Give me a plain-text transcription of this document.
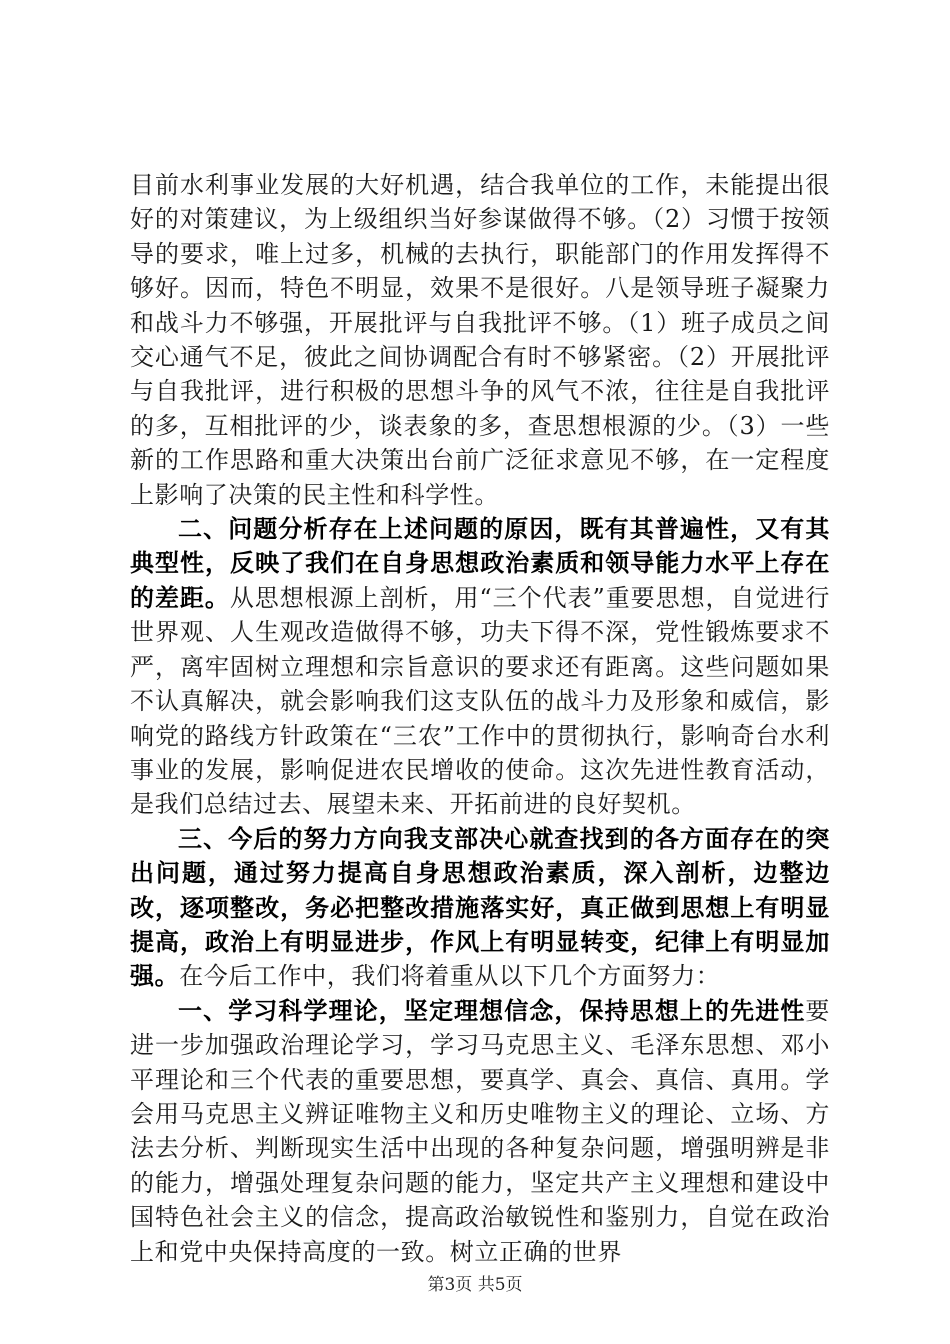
目前水利事业发展的大好机遇，结合我单位的工作，未能提出很好的对策建议，为上级组织当好参谋做得不够。（2）习惯于按领导的要求，唯上过多，机械的去执行，职能部门的作用发挥得不够好。因而，特色不明显，效果不是很好。八是领导班子凝聚力和战斗力不够强，开展批评与自我批评不够。（1）班子成员之间交心通气不足，彼此之间协调配合有时不够紧密。（2）开展批评与自我批评，进行积极的思想斗争的风气不浓，往往是自我批评的多，互相批评的少，谈表象的多，查思想根源的少。（3）一些新的工作思路和重大决策出台前广泛征求意见不够，在一定程度上影响了决策的民主性和科学性。

二、问题分析存在上述问题的原因，既有其普遍性，又有其典型性，反映了我们在自身思想政治素质和领导能力水平上存在的差距。从思想根源上剖析，用“三个代表”重要思想，自觉进行世界观、人生观改造做得不够，功夫下得不深，党性锻炼要求不严，离牢固树立理想和宗旨意识的要求还有距离。这些问题如果不认真解决，就会影响我们这支队伍的战斗力及形象和威信，影响党的路线方针政策在“三农”工作中的贯彻执行，影响奇台水利事业的发展，影响促进农民增收的使命。这次先进性教育活动，是我们总结过去、展望未来、开拓前进的良好契机。

三、今后的努力方向我支部决心就查找到的各方面存在的突出问题，通过努力提高自身思想政治素质，深入剖析，边整边改，逐项整改，务必把整改措施落实好，真正做到思想上有明显提高，政治上有明显进步，作风上有明显转变，纪律上有明显加强。在今后工作中，我们将着重从以下几个方面努力：

一、学习科学理论，坚定理想信念，保持思想上的先进性要进一步加强政治理论学习，学习马克思主义、毛泽东思想、邓小平理论和三个代表的重要思想，要真学、真会、真信、真用。学会用马克思主义辨证唯物主义和历史唯物主义的理论、立场、方法去分析、判断现实生活中出现的各种复杂问题，增强明辨是非的能力，增强处理复杂问题的能力，坚定共产主义理想和建设中国特色社会主义的信念，提高政治敏锐性和鉴别力，自觉在政治上和党中央保持高度的一致。树立正确的世界

第3页 共5页
